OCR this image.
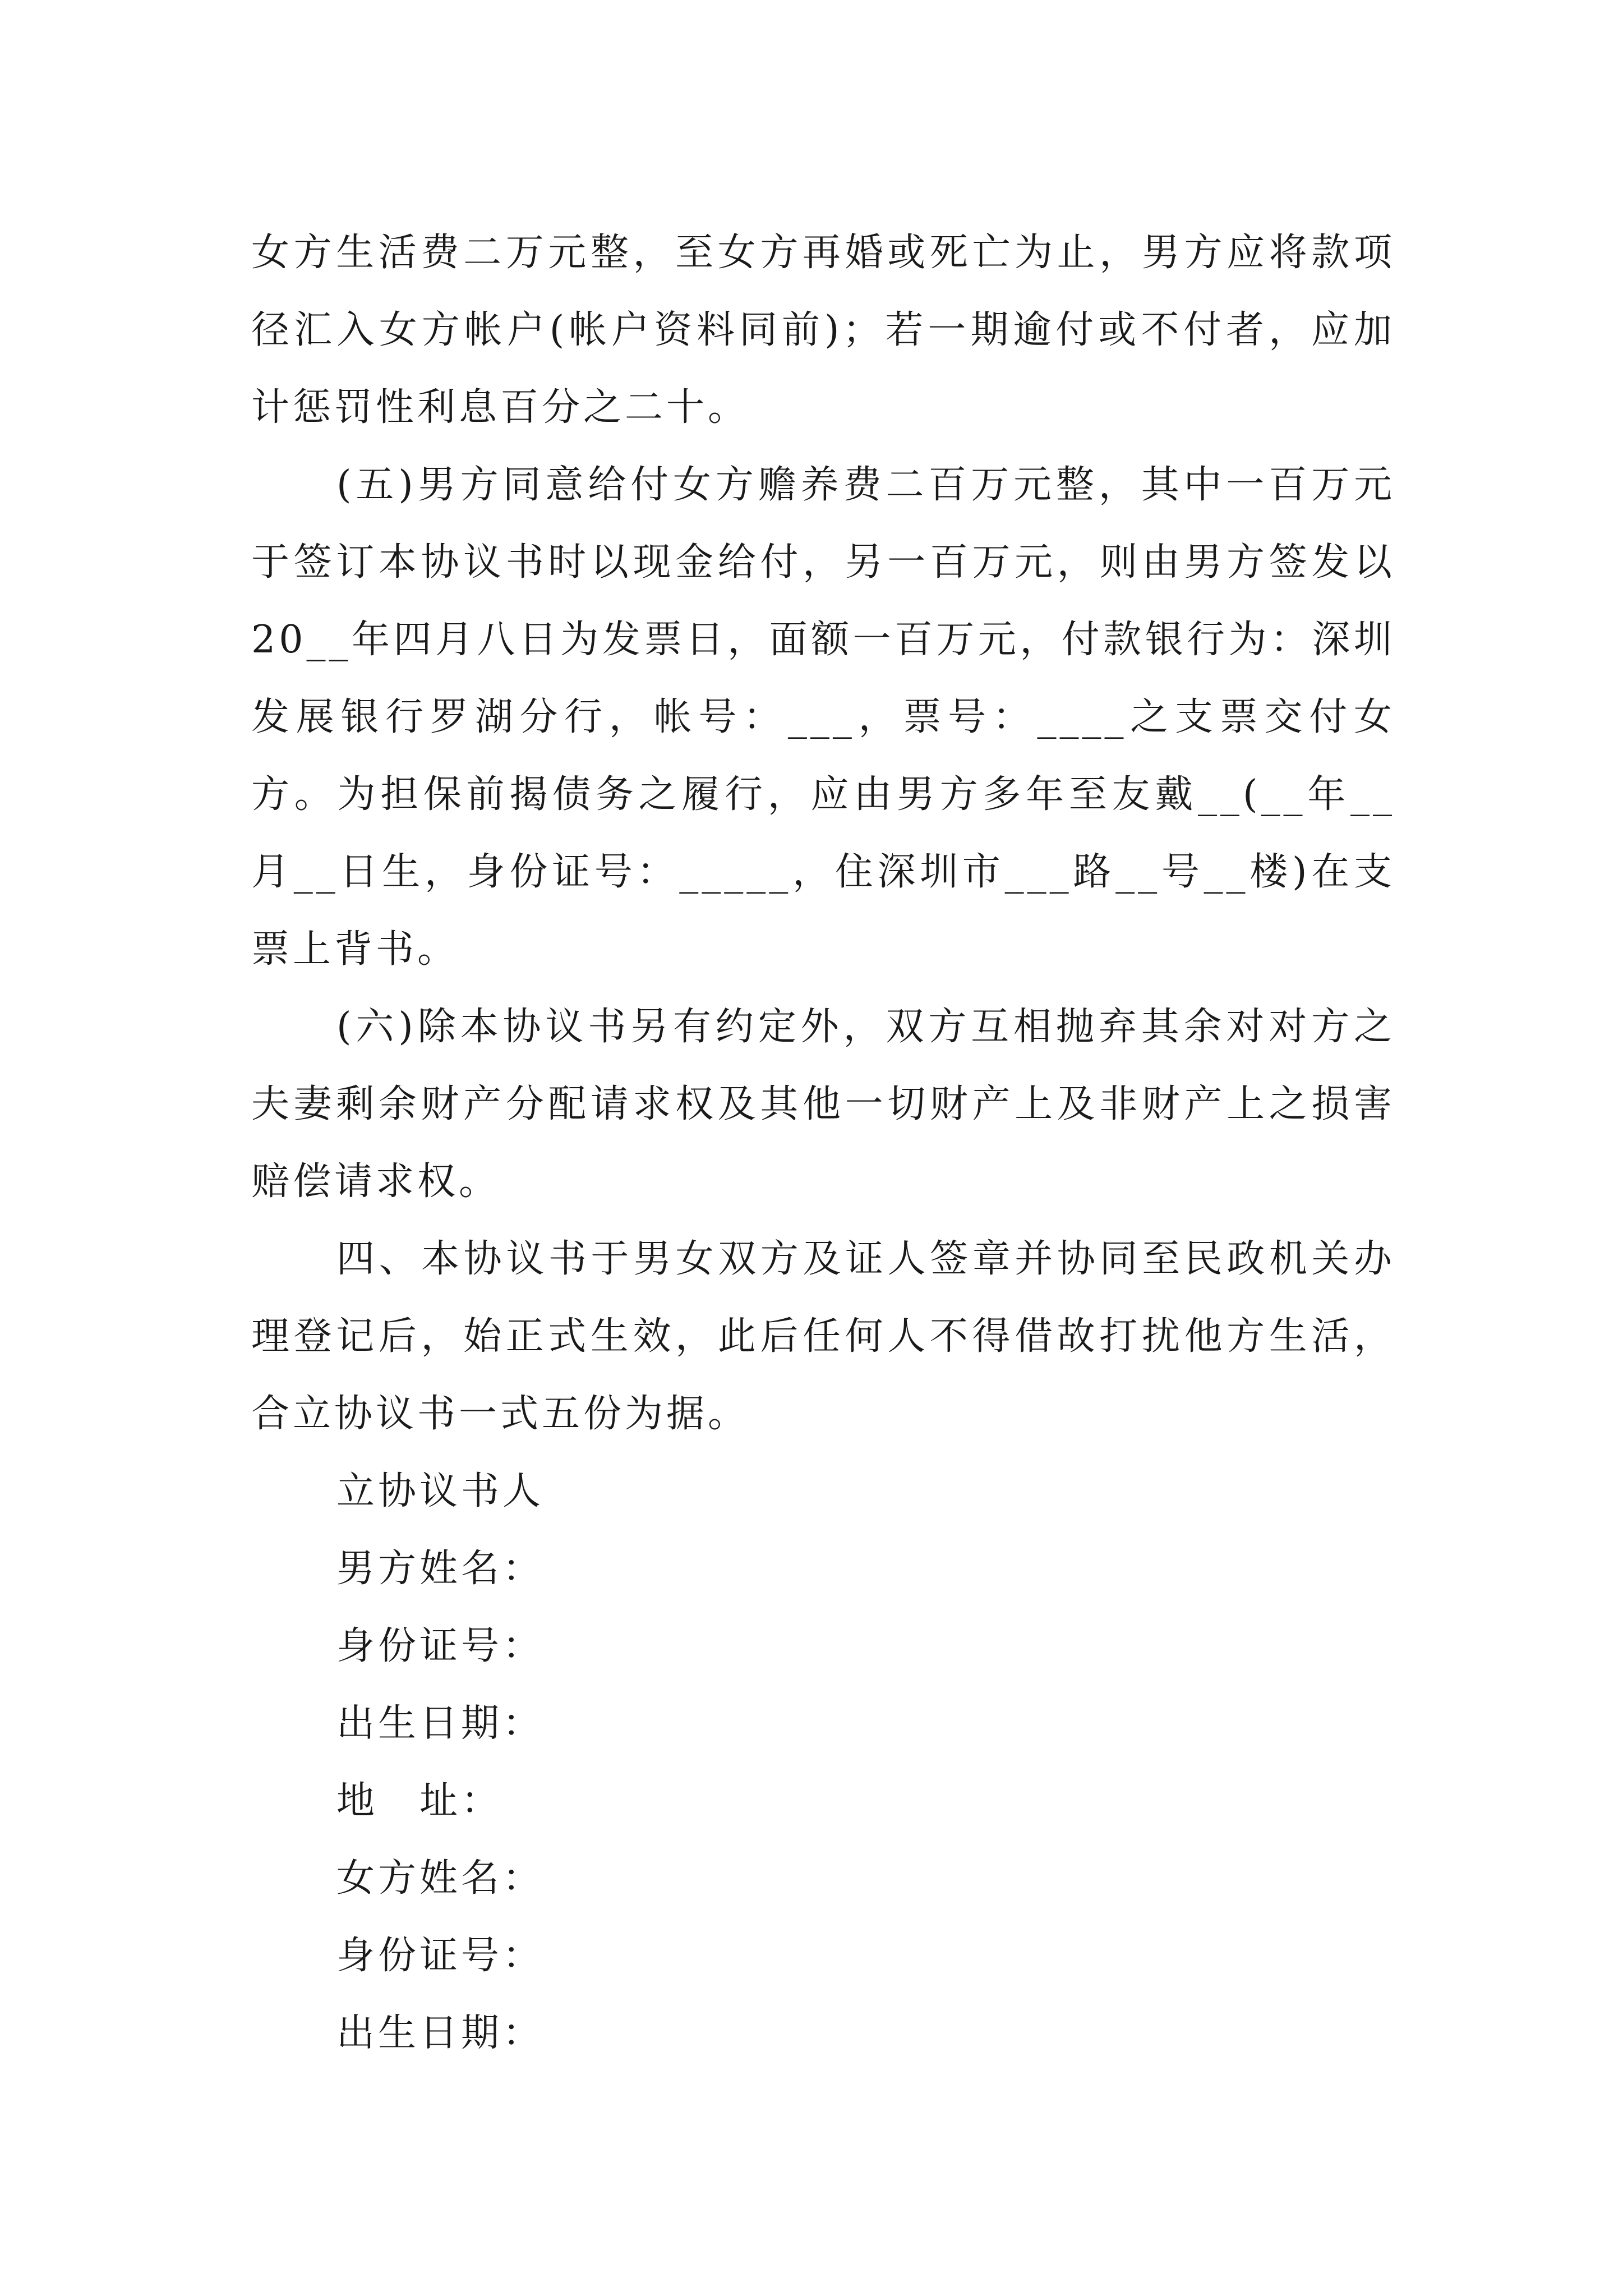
女方生活费二万元整，至女方再婚或死亡为止，男方应将款项径汇入女方帐户(帐户资料同前)；若一期逾付或不付者，应加计惩罚性利息百分之二十。

(五)男方同意给付女方赡养费二百万元整，其中一百万元于签订本协议书时以现金给付，另一百万元，则由男方签发以20__年四月八日为发票日，面额一百万元，付款银行为：深圳发展银行罗湖分行，帐号：___，票号：____之支票交付女方。为担保前揭债务之履行，应由男方多年至友戴__(__年__月__日生，身份证号：_____，住深圳市___路__号__楼)在支票上背书。

(六)除本协议书另有约定外，双方互相抛弃其余对对方之夫妻剩余财产分配请求权及其他一切财产上及非财产上之损害赔偿请求权。

四、本协议书于男女双方及证人签章并协同至民政机关办理登记后，始正式生效，此后任何人不得借故打扰他方生活，合立协议书一式五份为据。

立协议书人

男方姓名：

身份证号：

出生日期：

地　址：

女方姓名：

身份证号：

出生日期：
